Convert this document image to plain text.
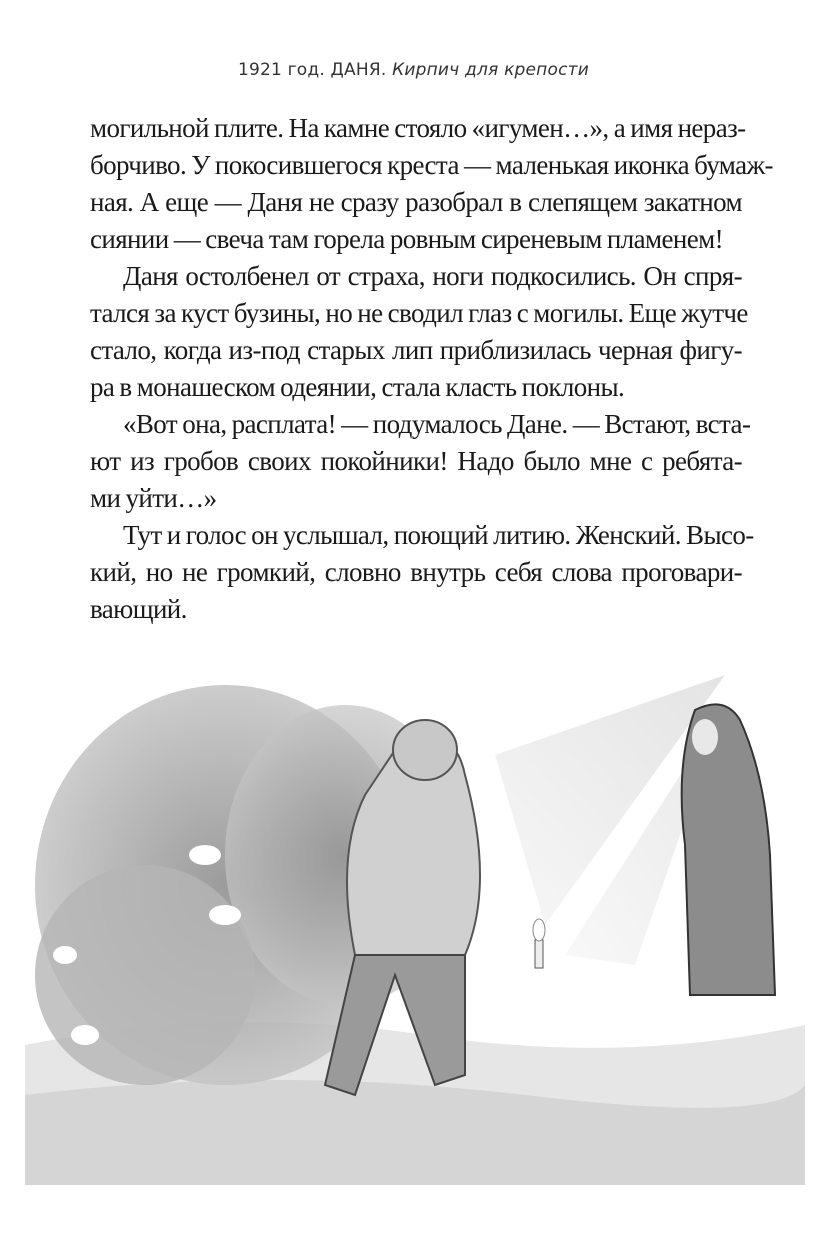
1921 год. ДАНЯ. Кирпич для крепости
могильной плите. На камне стояло «игумен…», а имя нераз-
борчиво. У покосившегося креста — маленькая иконка бумаж-
ная. А еще — Даня не сразу разобрал в слепящем закатном
сиянии — свеча там горела ровным сиреневым пламенем!
Даня остолбенел от страха, ноги подкосились. Он спря-
тался за куст бузины, но не сводил глаз с могилы. Еще жутче
стало, когда из-под старых лип приблизилась черная фигу-
ра в монашеском одеянии, стала класть поклоны.
«Вот она, расплата! — подумалось Дане. — Встают, вста-
ют из гробов своих покойники! Надо было мне с ребята-
ми уйти…»
Тут и голос он услышал, поющий литию. Женский. Высо-
кий, но не громкий, словно внутрь себя слова проговари-
вающий.
